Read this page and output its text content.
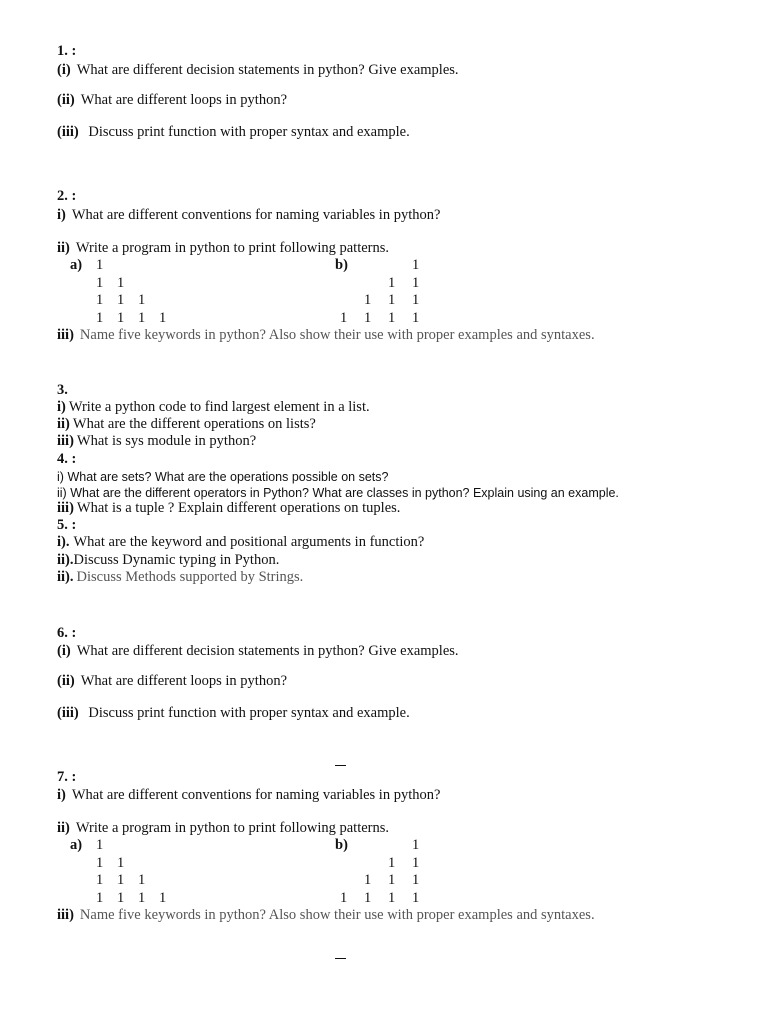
1. :
(i) What are different decision statements in python? Give examples.
(ii) What are different loops in python?
(iii) Discuss print function with proper syntax and example.
2. :
i) What are different conventions for naming variables in python?
ii) Write a program in python to print following patterns.
a)	b)
iii) Name five keywords in python? Also show their use with proper examples and syntaxes.
3.
i) Write a python code to find largest element in a list.
ii) What are the different operations on lists?
iii) What is sys module in python?
4. :
i) What are sets? What are the operations possible on sets?
ii) What are the different operators in Python? What are classes in python? Explain using an example.
iii) What is a tuple ? Explain different operations on tuples.
5. :
i). What are the keyword and positional arguments in function?
ii).Discuss Dynamic typing in Python.
ii). Discuss Methods supported by Strings.
6. :
(i) What are different decision statements in python? Give examples.
(ii) What are different loops in python?
(iii) Discuss print function with proper syntax and example.
7. :
i) What are different conventions for naming variables in python?
ii) Write a program in python to print following patterns.
a)	b)
iii) Name five keywords in python? Also show their use with proper examples and syntaxes.
1
1 1
1 1 1
1 1 1 1
1
1 1
1 1 1
1 1 1 1
1
1 1
1 1 1
1 1 1 1
1
1 1
1 1 1
1 1 1 1
